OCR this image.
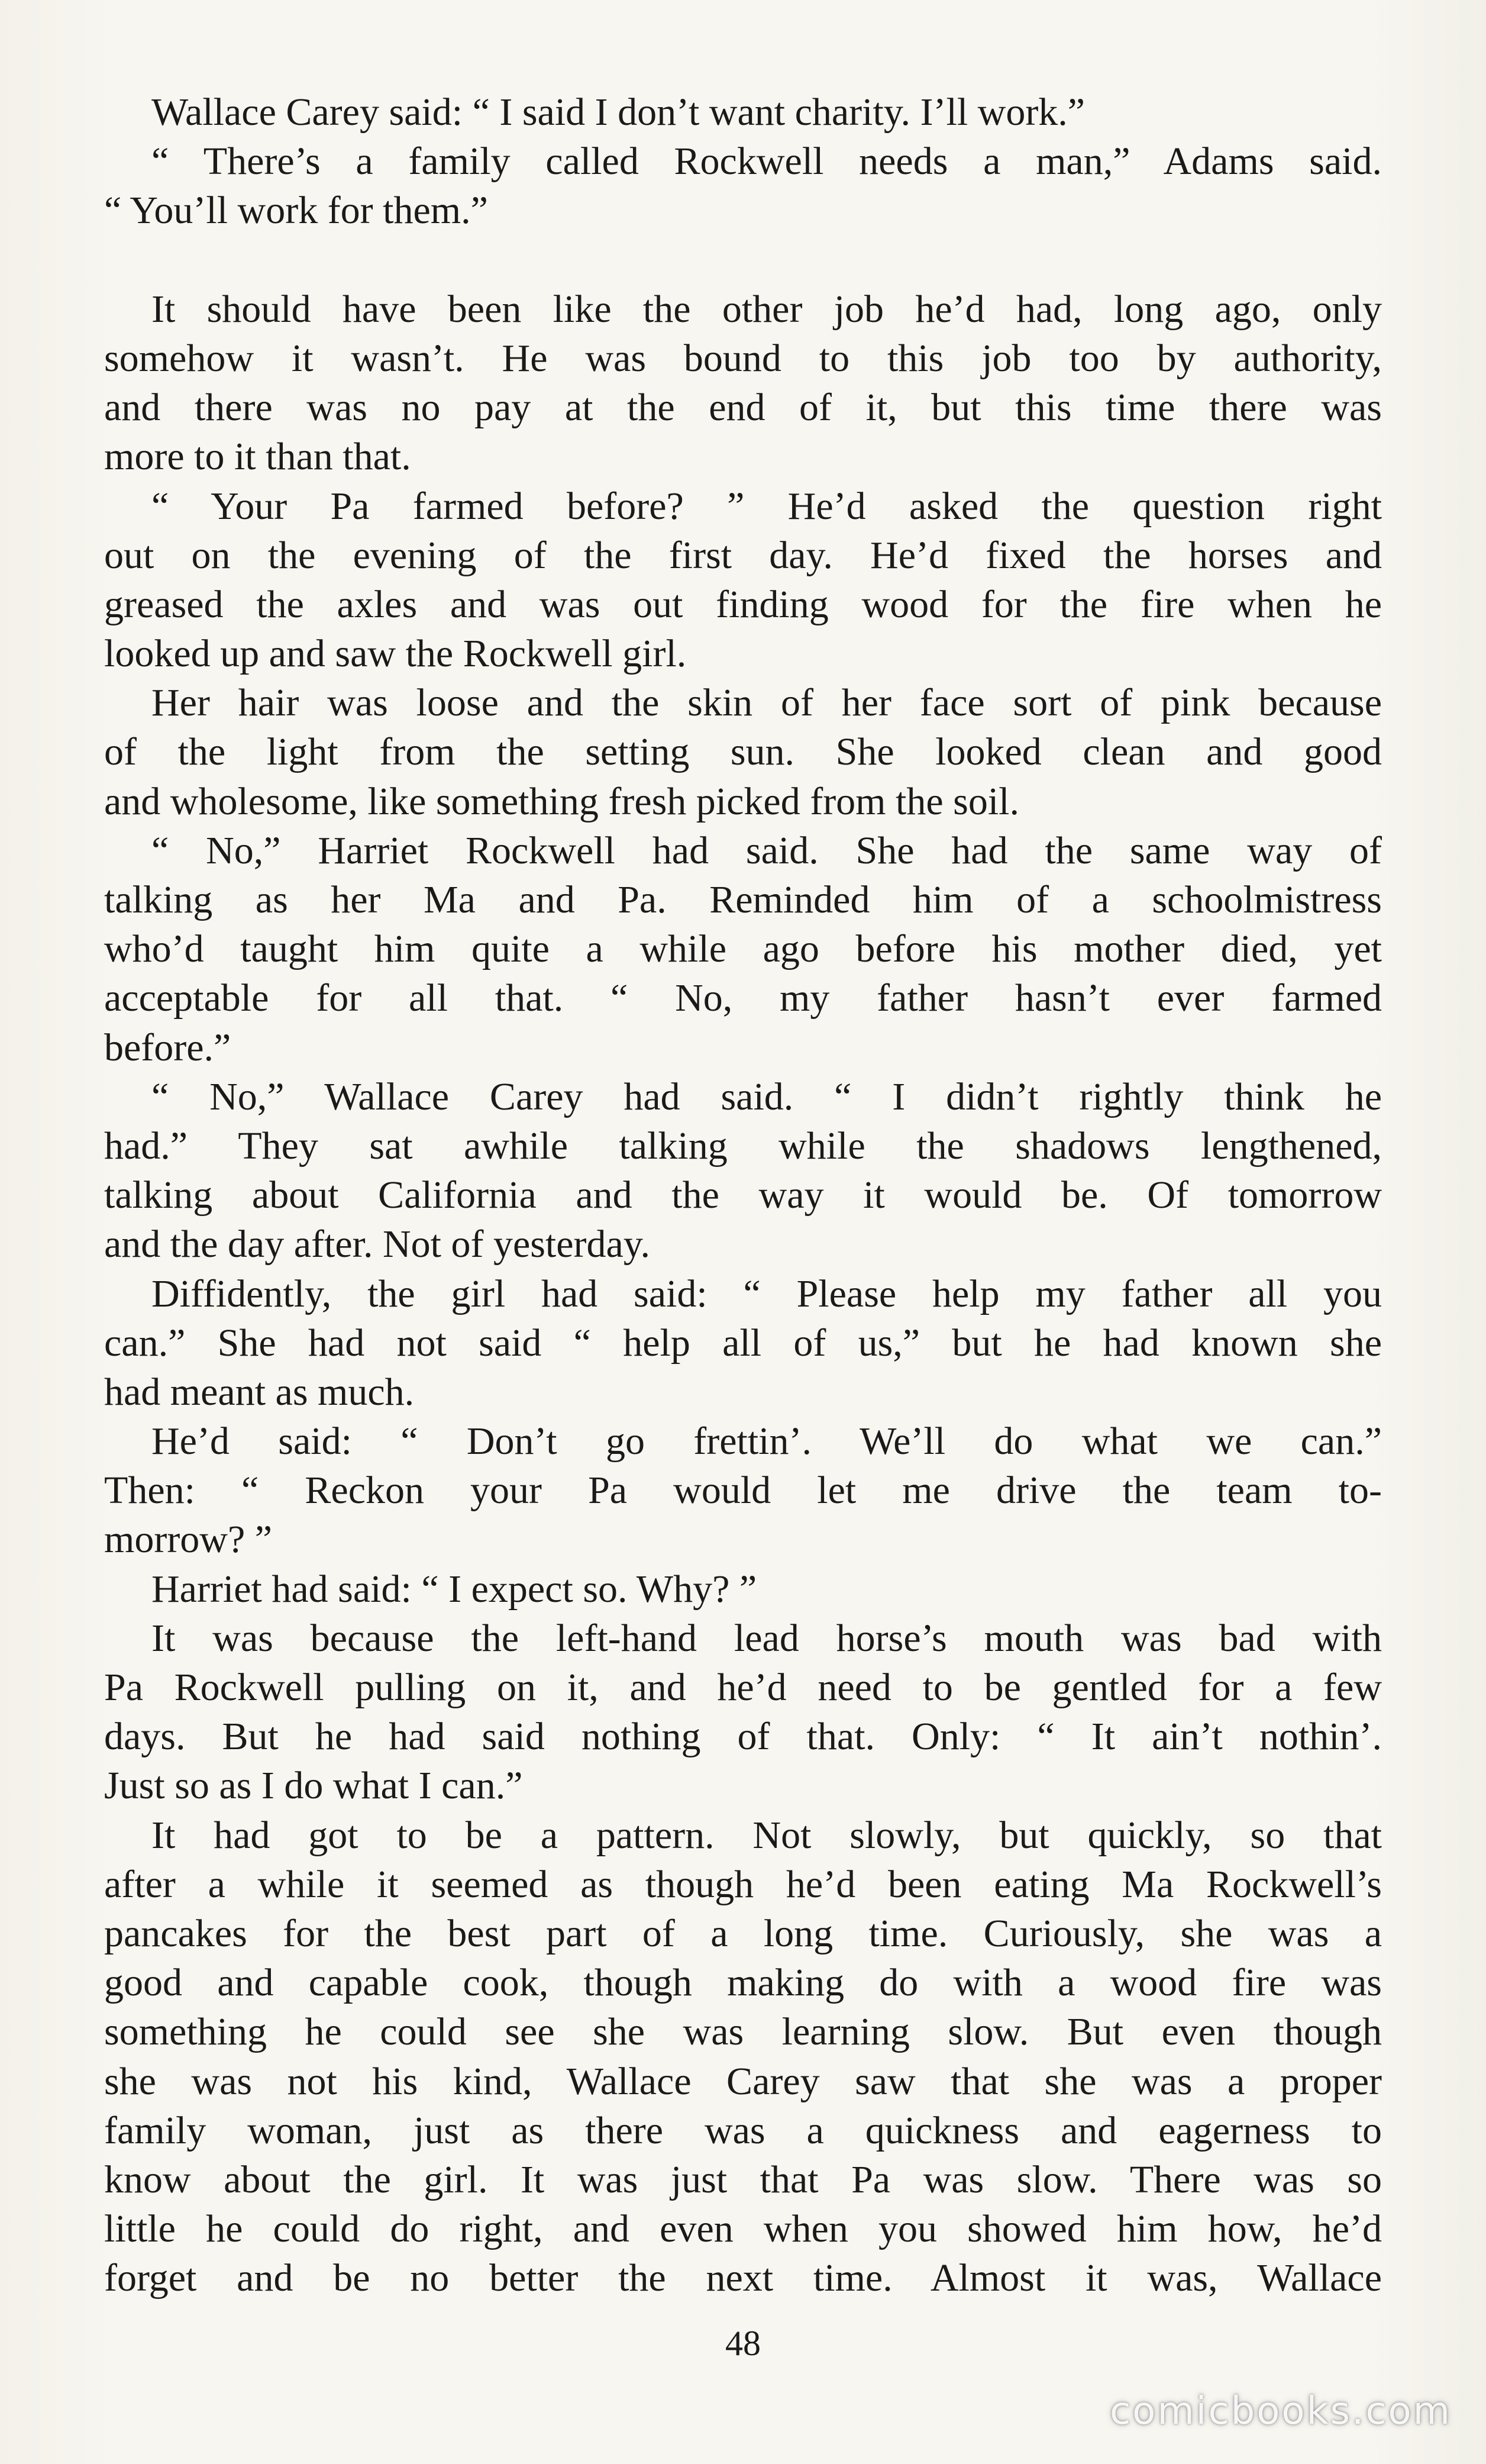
Wallace Carey said: “ I said I don’t want charity. I’ll work.”
“ There’s a family called Rockwell needs a man,” Adams said.
“ You’ll work for them.”
It should have been like the other job he’d had, long ago, only
somehow it wasn’t. He was bound to this job too by authority,
and there was no pay at the end of it, but this time there was
more to it than that.
“ Your Pa farmed before? ” He’d asked the question right
out on the evening of the first day. He’d fixed the horses and
greased the axles and was out finding wood for the fire when he
looked up and saw the Rockwell girl.
Her hair was loose and the skin of her face sort of pink because
of the light from the setting sun. She looked clean and good
and wholesome, like something fresh picked from the soil.
“ No,” Harriet Rockwell had said. She had the same way of
talking as her Ma and Pa. Reminded him of a schoolmistress
who’d taught him quite a while ago before his mother died, yet
acceptable for all that. “ No, my father hasn’t ever farmed
before.”
“ No,” Wallace Carey had said. “ I didn’t rightly think he
had.” They sat awhile talking while the shadows lengthened,
talking about California and the way it would be. Of tomorrow
and the day after. Not of yesterday.
Diffidently, the girl had said: “ Please help my father all you
can.” She had not said “ help all of us,” but he had known she
had meant as much.
He’d said: “ Don’t go frettin’. We’ll do what we can.”
Then: “ Reckon your Pa would let me drive the team to-
morrow? ”
Harriet had said: “ I expect so. Why? ”
It was because the left-hand lead horse’s mouth was bad with
Pa Rockwell pulling on it, and he’d need to be gentled for a few
days. But he had said nothing of that. Only: “ It ain’t nothin’.
Just so as I do what I can.”
It had got to be a pattern. Not slowly, but quickly, so that
after a while it seemed as though he’d been eating Ma Rockwell’s
pancakes for the best part of a long time. Curiously, she was a
good and capable cook, though making do with a wood fire was
something he could see she was learning slow. But even though
she was not his kind, Wallace Carey saw that she was a proper
family woman, just as there was a quickness and eagerness to
know about the girl. It was just that Pa was slow. There was so
little he could do right, and even when you showed him how, he’d
forget and be no better the next time. Almost it was, Wallace
48
comicbooks.com
